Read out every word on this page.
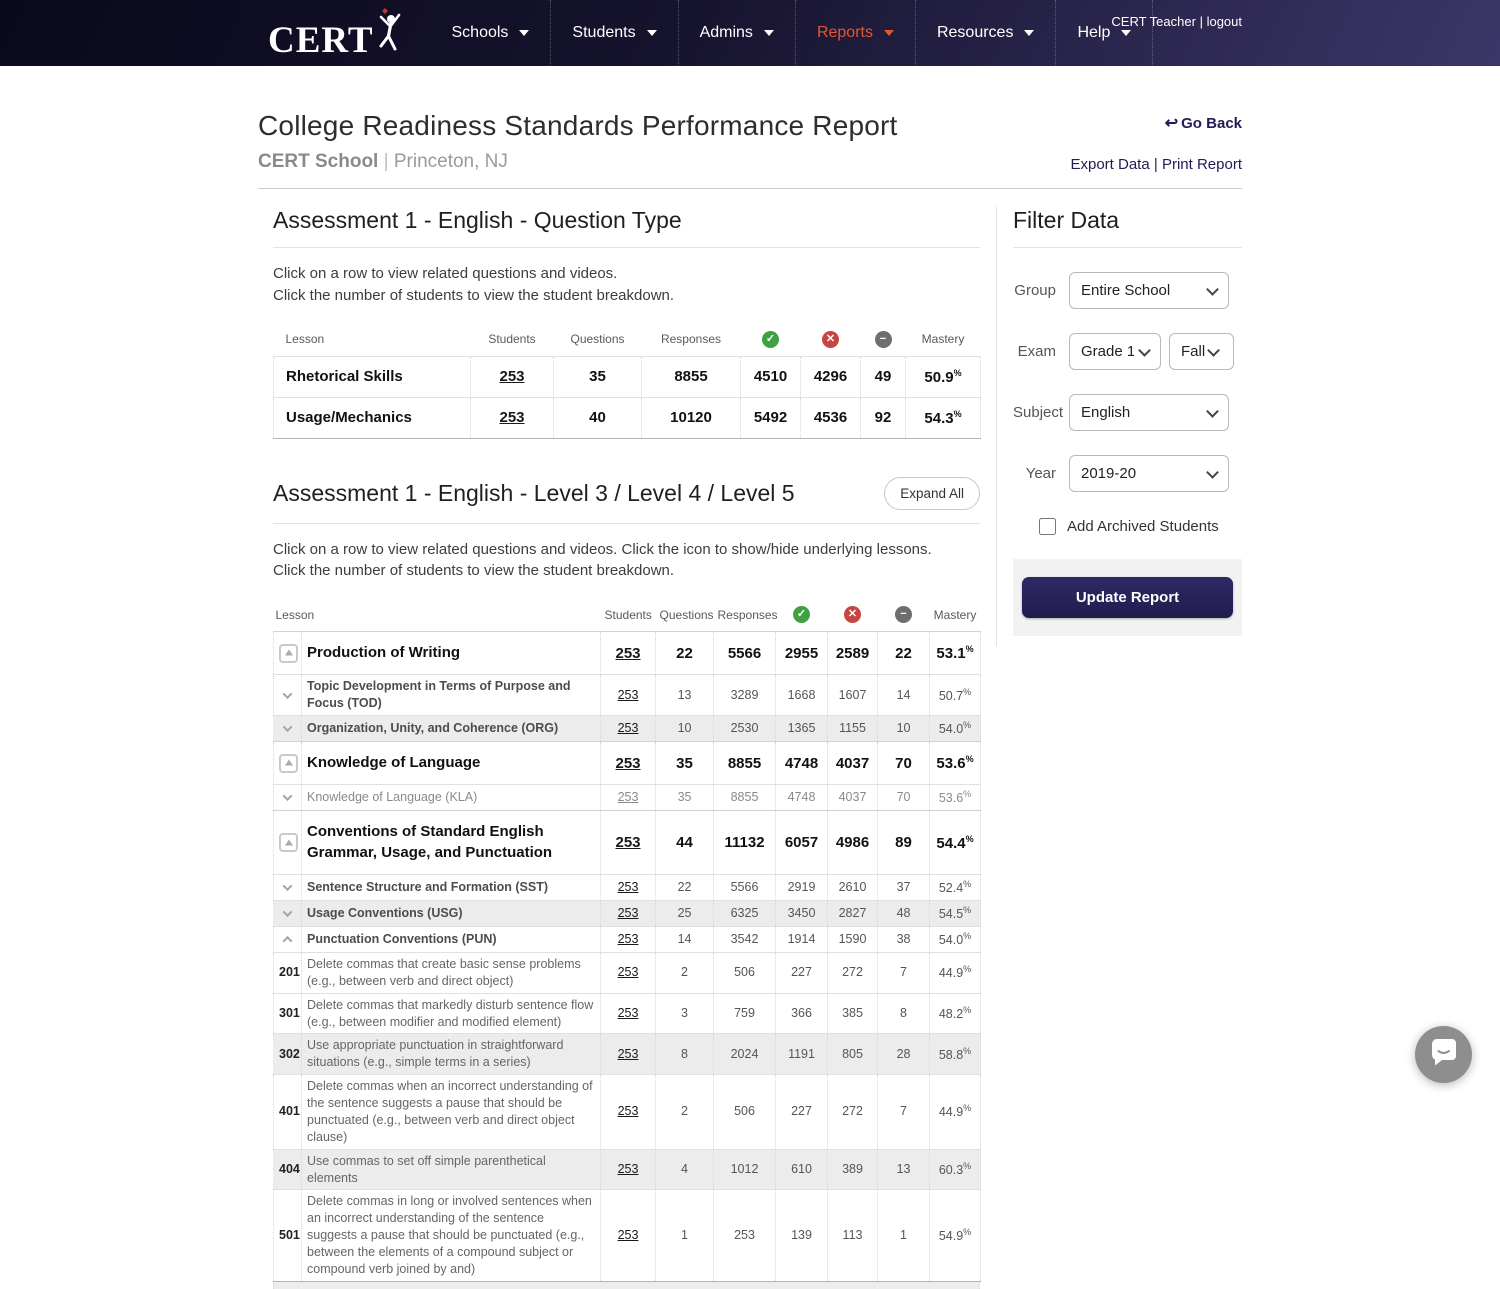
CERT	Schools	Students	Admins	Reports	Resources	Help
CERT Teacher | logout
College Readiness Standards Performance Report
CERT School | Princeton, NJ
↩ Go Back
Export Data | Print Report
Assessment 1 - English - Question Type
Click on a row to view related questions and videos.
Click the number of students to view the student breakdown.
Lesson	Students	Questions	Responses	✓	✕	−	Mastery
Rhetorical Skills	253	35	8855	4510	4296	49	50.9%
Usage/Mechanics	253	40	10120	5492	4536	92	54.3%
Assessment 1 - English - Level 3 / Level 4 / Level 5	Expand All
Click on a row to view related questions and videos. Click the icon to show/hide underlying lessons.
Click the number of students to view the student breakdown.
Lesson		Students	Questions	Responses	✓	✕	−	Mastery

	Production of Writing	253	22	5566	2955	2589	22	53.1%
	Topic Development in Terms of Purpose and Focus (TOD)	253	13	3289	1668	1607	14	50.7%
	Organization, Unity, and Coherence (ORG)	253	10	2530	1365	1155	10	54.0%

	Knowledge of Language	253	35	8855	4748	4037	70	53.6%
	Knowledge of Language (KLA)	253	35	8855	4748	4037	70	53.6%

	Conventions of Standard English Grammar, Usage, and Punctuation	253	44	11132	6057	4986	89	54.4%
	Sentence Structure and Formation (SST)	253	22	5566	2919	2610	37	52.4%
	Usage Conventions (USG)	253	25	6325	3450	2827	48	54.5%
	Punctuation Conventions (PUN)	253	14	3542	1914	1590	38	54.0%
201	Delete commas that create basic sense problems (e.g., between verb and direct object)	253	2	506	227	272	7	44.9%
301	Delete commas that markedly disturb sentence flow (e.g., between modifier and modified element)	253	3	759	366	385	8	48.2%
302	Use appropriate punctuation in straightforward situations (e.g., simple terms in a series)	253	8	2024	1191	805	28	58.8%
401	Delete commas when an incorrect understanding of the sentence suggests a pause that should be punctuated (e.g., between verb and direct object clause)	253	2	506	227	272	7	44.9%
404	Use commas to set off simple parenthetical elements	253	4	1012	610	389	13	60.3%
501	Delete commas in long or involved sentences when an incorrect understanding of the sentence suggests a pause that should be punctuated (e.g., between the elements of a compound subject or compound verb joined by and)	253	1	253	139	113	1	54.9%
Filter Data
Group
Entire School
Exam
Grade 10
Fall
Subject
English
Year
2019-20
Add Archived Students
Update Report
